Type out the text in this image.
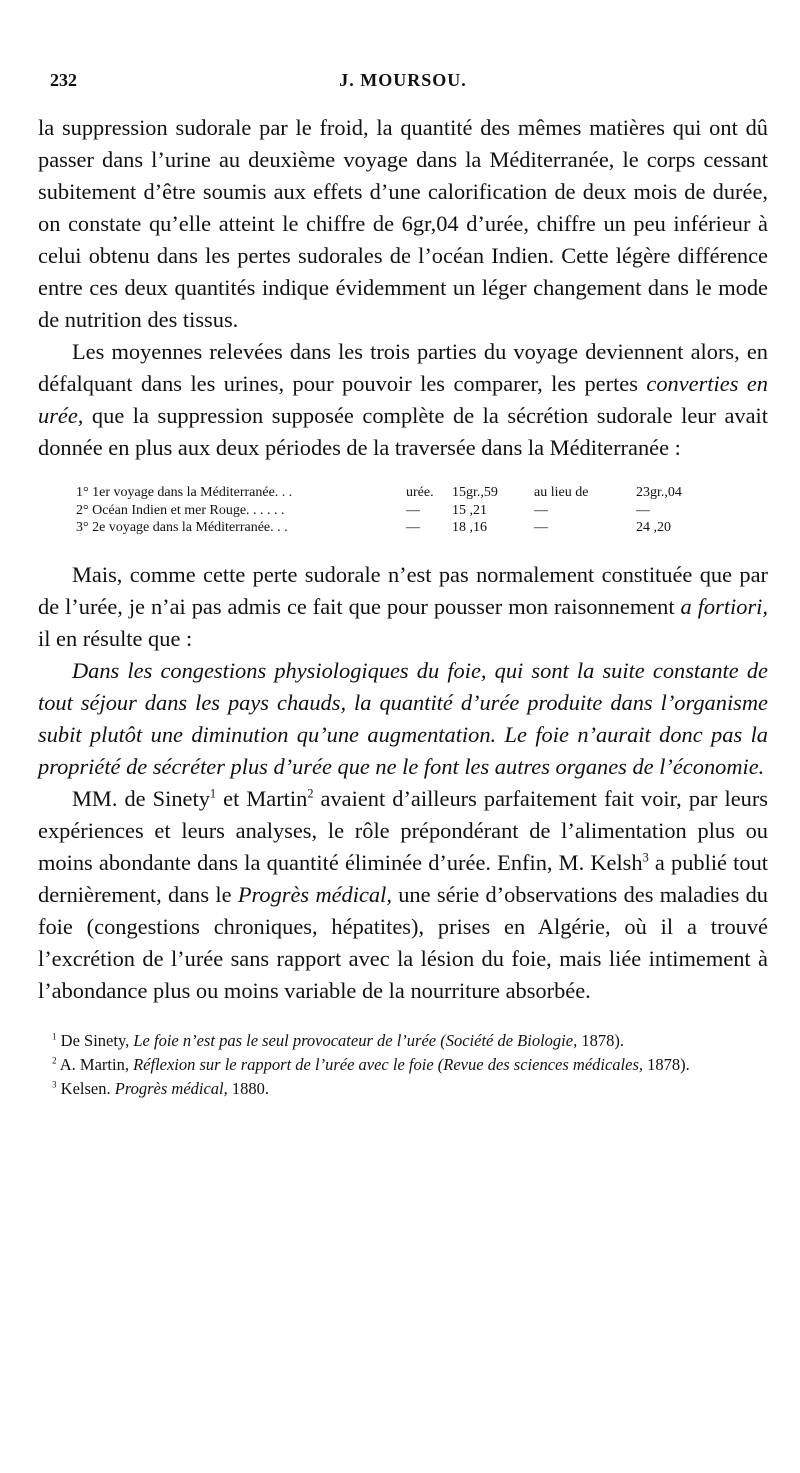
232	J. MOURSOU.

la suppression sudorale par le froid, la quantité des mêmes matières qui ont dû passer dans l’urine au deuxième voyage dans la Méditerranée, le corps cessant subitement d’être soumis aux effets d’une calorification de deux mois de durée, on constate qu’elle atteint le chiffre de 6gr,04 d’urée, chiffre un peu inférieur à celui obtenu dans les pertes sudorales de l’océan Indien. Cette légère différence entre ces deux quantités indique évidemment un léger changement dans le mode de nutrition des tissus.

Les moyennes relevées dans les trois parties du voyage deviennent alors, en défalquant dans les urines, pour pouvoir les comparer, les pertes converties en urée, que la suppression supposée complète de la sécrétion sudorale leur avait donnée en plus aux deux périodes de la traversée dans la Méditerranée :

1° 1er voyage dans la Méditerranée. . .	urée. 15gr.,59	au lieu de	23gr.,04
2° Océan Indien et mer Rouge. . . . . .	— 15 ,21	—	—
3° 2e voyage dans la Méditerranée. . .	— 18 ,16	—	24 ,20

Mais, comme cette perte sudorale n’est pas normalement constituée que par de l’urée, je n’ai pas admis ce fait que pour pousser mon raisonnement a fortiori, il en résulte que :

Dans les congestions physiologiques du foie, qui sont la suite constante de tout séjour dans les pays chauds, la quantité d’urée produite dans l’organisme subit plutôt une diminution qu’une augmentation. Le foie n’aurait donc pas la propriété de sécréter plus d’urée que ne le font les autres organes de l’économie.

MM. de Sinety$^1$ et Martin$^2$ avaient d’ailleurs parfaitement fait voir, par leurs expériences et leurs analyses, le rôle prépondérant de l’alimentation plus ou moins abondante dans la quantité éliminée d’urée. Enfin, M. Kelsh$^3$ a publié tout dernièrement, dans le Progrès médical, une série d’observations des maladies du foie (congestions chroniques, hépatites), prises en Algérie, où il a trouvé l’excrétion de l’urée sans rapport avec la lésion du foie, mais liée intimement à l’abondance plus ou moins variable de la nourriture absorbée.

$^1$ De Sinety, Le foie n’est pas le seul provocateur de l’urée (Société de Biologie, 1878).

$^2$ A. Martin, Réflexion sur le rapport de l’urée avec le foie (Revue des sciences médicales, 1878).

$^3$ Kelsen. Progrès médical, 1880.
